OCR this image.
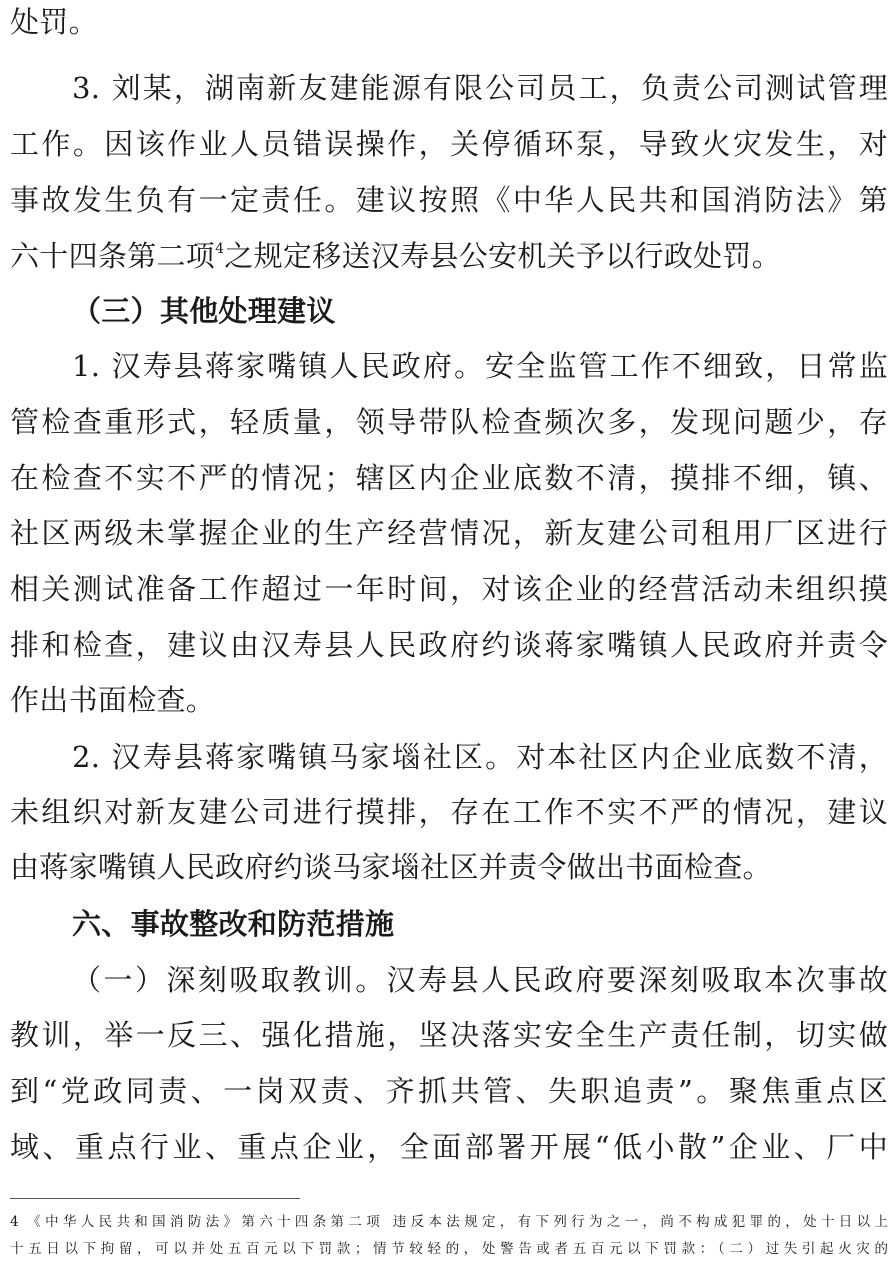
处罚。
3. 刘某，湖南新友建能源有限公司员工，负责公司测试管理
工作。因该作业人员错误操作，关停循环泵，导致火灾发生，对
事故发生负有一定责任。建议按照《中华人民共和国消防法》第
六十四条第二项$^4$之规定移送汉寿县公安机关予以行政处罚。
（三）其他处理建议
1. 汉寿县蒋家嘴镇人民政府。安全监管工作不细致，日常监
管检查重形式，轻质量，领导带队检查频次多，发现问题少，存
在检查不实不严的情况；辖区内企业底数不清，摸排不细，镇、
社区两级未掌握企业的生产经营情况，新友建公司租用厂区进行
相关测试准备工作超过一年时间，对该企业的经营活动未组织摸
排和检查，建议由汉寿县人民政府约谈蒋家嘴镇人民政府并责令
作出书面检查。
2. 汉寿县蒋家嘴镇马家堖社区。对本社区内企业底数不清，
未组织对新友建公司进行摸排，存在工作不实不严的情况，建议
由蒋家嘴镇人民政府约谈马家堖社区并责令做出书面检查。
六、事故整改和防范措施
（一）深刻吸取教训。汉寿县人民政府要深刻吸取本次事故
教训，举一反三、强化措施，坚决落实安全生产责任制，切实做
到“党政同责、一岗双责、齐抓共管、失职追责”。聚焦重点区
域、重点行业、重点企业，全面部署开展“低小散”企业、厂中
4 《中华人民共和国消防法》第六十四条第二项 违反本法规定，有下列行为之一，尚不构成犯罪的，处十日以上
十五日以下拘留，可以并处五百元以下罚款；情节较轻的，处警告或者五百元以下罚款：（二）过失引起火灾的
